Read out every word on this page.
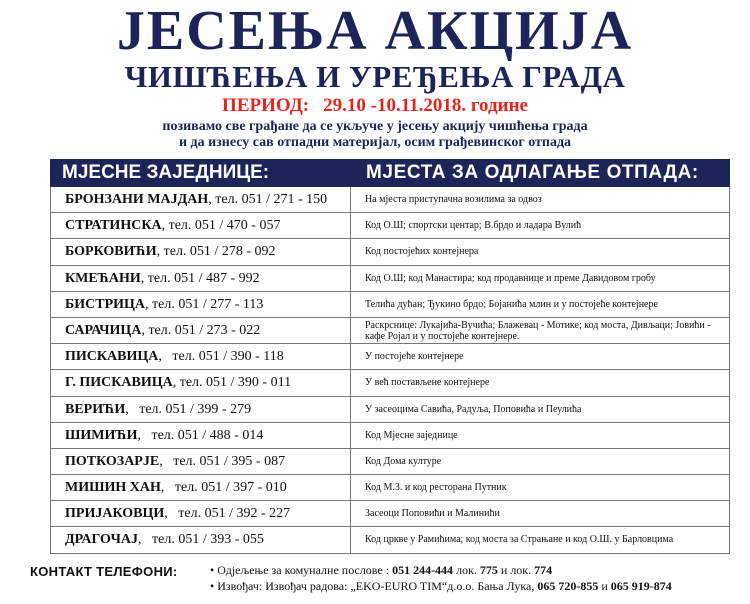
ЈЕСЕЊА АКЦИЈА
ЧИШЋЕЊА И УРЕЂЕЊА ГРАДА
ПЕРИОД: 29.10 -10.11.2018. године
позивамо све грађане да се укључе у јесењу акцију чишћења града
и да изнесу сав отпадни материјал, осим грађевинског отпада
МЈЕСНЕ ЗАЈЕДНИЦЕ:	МЈЕСТА ЗА ОДЛАГАЊЕ ОТПАДА:
БРОНЗАНИ МАЈДАН, тел. 051 / 271 - 150	На мјеста приступачна возилима за одвоз
СТРАТИНСКА, тел. 051 / 470 - 057	Код О.Ш; спортски центар; В.брдо и ладара Вулић
БОРКОВИЋИ, тел. 051 / 278 - 092	Код постојећих контејнера
КМЕЋАНИ, тел. 051 / 487 - 992	Код О.Ш; код Манастира; код продавнице и преме Давидовом гробу
БИСТРИЦА, тел. 051 / 277 - 113	Телића дућан; Ђукино брдо; Бојанића млин и у постојеће контејнере
САРАЧИЦА, тел. 051 / 273 - 022	Раскрснице: Лукајића-Вучића; Блажевац - Мотике; код моста, Дивљаци; Јовићи - кафе Ројал и у постојеће контејнере.
ПИСКАВИЦА,   тел. 051 / 390 - 118	У постојеће контејнере
Г. ПИСКАВИЦА, тел. 051 / 390 - 011	У већ постављене контејнере
ВЕРИЋИ,   тел. 051 / 399 - 279	У засеоцима Савића, Радуља, Поповића и Пеулића
ШИМИЋИ,   тел. 051 / 488 - 014	Код Мјесне заједнице
ПОТКОЗАРЈЕ,   тел. 051 / 395 - 087	Код Дома културе
МИШИН ХАН,   тел. 051 / 397 - 010	Код М.З. и код ресторана Путник
ПРИЈАКОВЦИ,   тел. 051 / 392 - 227	Засеоци Поповићи и Малинићи
ДРАГОЧАЈ,   тел. 051 / 393 - 055	Код цркве у Рамићима; код моста за Страњане и код О.Ш. у Барловцима
КОНТАКТ ТЕЛЕФОНИ:	• Одјељење за комуналне послове : 051 244-444 лок. 775 и лок. 774
• Извођач: Извођач радова: „EKO-EURO TIM“д.о.о. Бања Лука, 065 720-855 и 065 919-874
